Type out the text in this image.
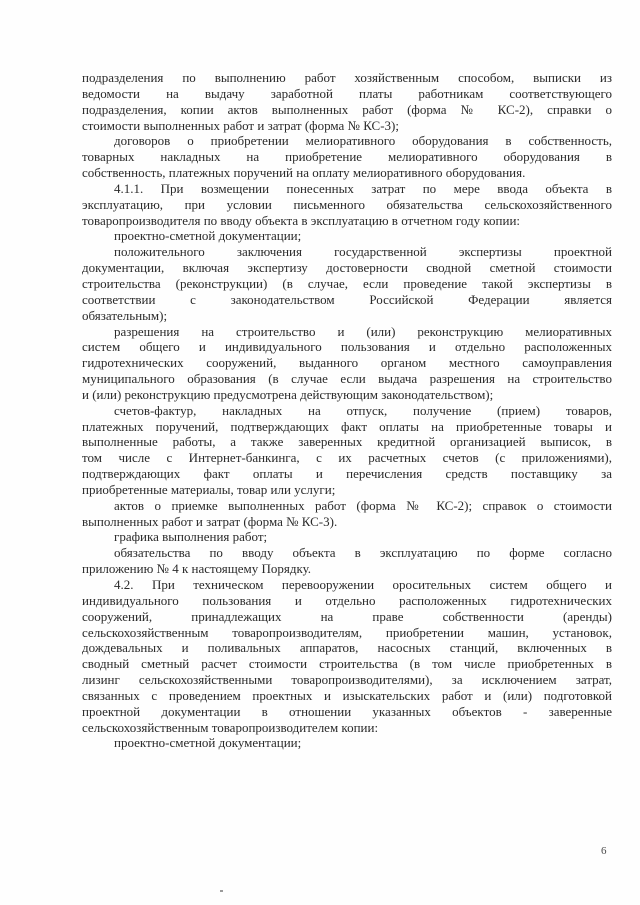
подразделения по выполнению работ хозяйственным способом, выписки из
ведомости на выдачу заработной платы работникам соответствующего
подразделения, копии актов выполненных работ (форма № КС-2), справки о
стоимости выполненных работ и затрат (форма № КС-3);
договоров о приобретении мелиоративного оборудования в собственность,
товарных накладных на приобретение мелиоративного оборудования в
собственность, платежных поручений на оплату мелиоративного оборудования.
4.1.1. При возмещении понесенных затрат по мере ввода объекта в
эксплуатацию, при условии письменного обязательства сельскохозяйственного
товаропроизводителя по вводу объекта в эксплуатацию в отчетном году копии:
проектно-сметной документации;
положительного заключения государственной экспертизы проектной
документации, включая экспертизу достоверности сводной сметной стоимости
строительства (реконструкции) (в случае, если проведение такой экспертизы в
соответствии с законодательством Российской Федерации является
обязательным);
разрешения на строительство и (или) реконструкцию мелиоративных
систем общего и индивидуального пользования и отдельно расположенных
гидротехнических сооружений, выданного органом местного самоуправления
муниципального образования (в случае если выдача разрешения на строительство
и (или) реконструкцию предусмотрена действующим законодательством);
счетов-фактур, накладных на отпуск, получение (прием) товаров,
платежных поручений, подтверждающих факт оплаты на приобретенные товары и
выполненные работы, а также заверенных кредитной организацией выписок, в
том числе с Интернет-банкинга, с их расчетных счетов (с приложениями),
подтверждающих факт оплаты и перечисления средств поставщику за
приобретенные материалы, товар или услуги;
актов о приемке выполненных работ (форма № КС-2); справок о стоимости
выполненных работ и затрат (форма № КС-3).
графика выполнения работ;
обязательства по вводу объекта в эксплуатацию по форме согласно
приложению № 4 к настоящему Порядку.
4.2. При техническом перевооружении оросительных систем общего и
индивидуального пользования и отдельно расположенных гидротехнических
сооружений, принадлежащих на праве собственности (аренды)
сельскохозяйственным товаропроизводителям, приобретении машин, установок,
дождевальных и поливальных аппаратов, насосных станций, включенных в
сводный сметный расчет стоимости строительства (в том числе приобретенных в
лизинг сельскохозяйственными товаропроизводителями), за исключением затрат,
связанных с проведением проектных и изыскательских работ и (или) подготовкой
проектной документации в отношении указанных объектов - заверенные
сельскохозяйственным товаропроизводителем копии:
проектно-сметной документации;
6
